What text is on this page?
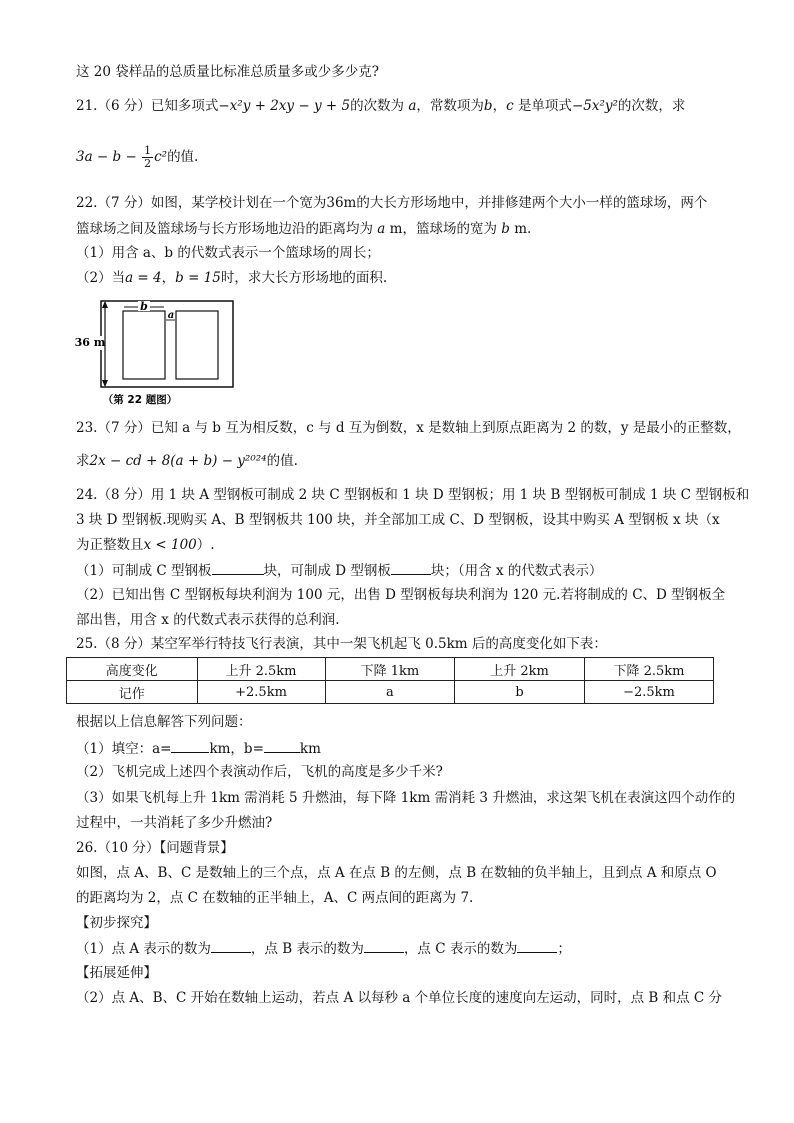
这 20 袋样品的总质量比标准总质量多或少多少克?
21.（6 分）已知多项式−x²y + 2xy − y + 5的次数为 a，常数项为b，c 是单项式−5x²y²的次数，求
$3a - b - \frac{1}{2} c^2$的值.
22.（7 分）如图，某学校计划在一个宽为36m的大长方形场地中，并排修建两个大小一样的篮球场，两个
篮球场之间及篮球场与长方形场地边沿的距离均为 a m，篮球场的宽为 b m.
（1）用含 a、b 的代数式表示一个篮球场的周长；
（2）当a = 4，b = 15时，求大长方形场地的面积.
b
a
36 m
（第 22 题图）
23.（7 分）已知 a 与 b 互为相反数，c 与 d 互为倒数，x 是数轴上到原点距离为 2 的数，y 是最小的正整数，
求2x − cd + 8(a + b) − y²⁰²⁴的值.
24.（8 分）用 1 块 A 型钢板可制成 2 块 C 型钢板和 1 块 D 型钢板；用 1 块 B 型钢板可制成 1 块 C 型钢板和
3 块 D 型钢板.现购买 A、B 型钢板共 100 块，并全部加工成 C、D 型钢板，设其中购买 A 型钢板 x 块（x
为正整数且x < 100）.
（1）可制成 C 型钢板	块，可制成 D 型钢板	块；（用含 x 的代数式表示）
（2）已知出售 C 型钢板每块利润为 100 元，出售 D 型钢板每块利润为 120 元.若将制成的 C、D 型钢板全
部出售，用含 x 的代数式表示获得的总利润.
25.（8 分）某空军举行特技飞行表演，其中一架飞机起飞 0.5km 后的高度变化如下表：
高度变化	上升 2.5km	下降 1km	上升 2km	下降 2.5km
记作	+2.5km	a	b	−2.5km
根据以上信息解答下列问题：
（1）填空：a=	km，b=	km
（2）飞机完成上述四个表演动作后，飞机的高度是多少千米?
（3）如果飞机每上升 1km 需消耗 5 升燃油，每下降 1km 需消耗 3 升燃油，求这架飞机在表演这四个动作的
过程中，一共消耗了多少升燃油?
26.（10 分）【问题背景】
如图，点 A、B、C 是数轴上的三个点，点 A 在点 B 的左侧，点 B 在数轴的负半轴上，且到点 A 和原点 O
的距离均为 2，点 C 在数轴的正半轴上，A、C 两点间的距离为 7.
【初步探究】
（1）点 A 表示的数为	，点 B 表示的数为	，点 C 表示的数为	；
【拓展延伸】
（2）点 A、B、C 开始在数轴上运动，若点 A 以每秒 a 个单位长度的速度向左运动，同时，点 B 和点 C 分
